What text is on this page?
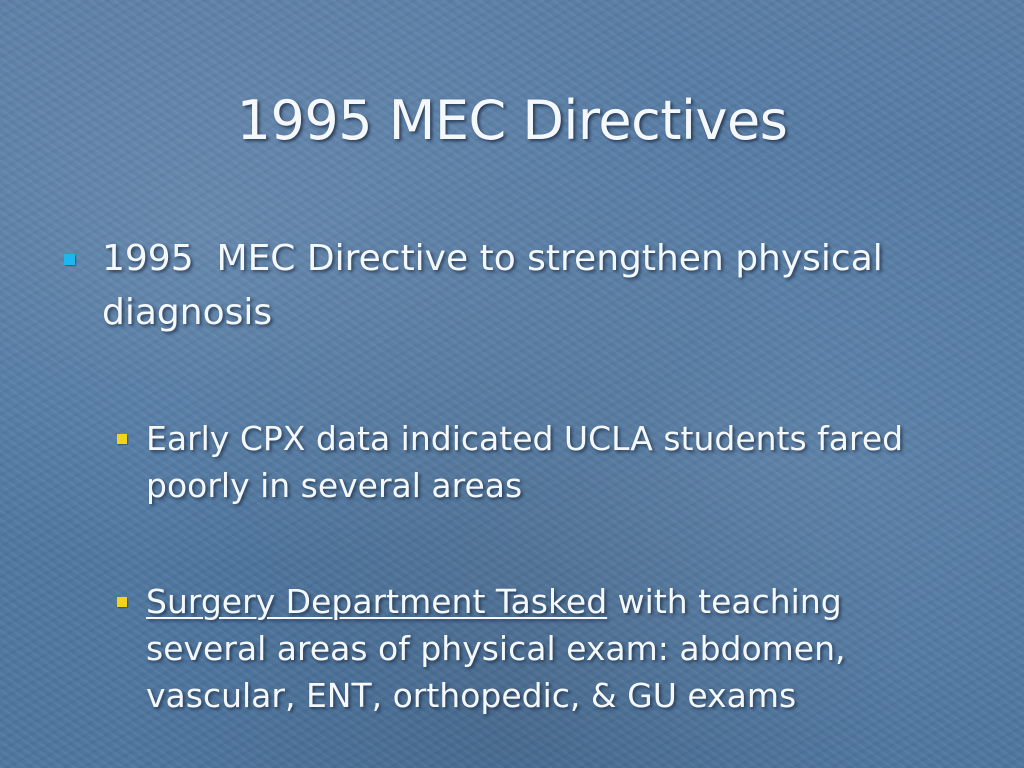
1995 MEC Directives
1995  MEC Directive to strengthen physical diagnosis
Early CPX data indicated UCLA students fared poorly in several areas
Surgery Department Tasked with teaching several areas of physical exam: abdomen, vascular, ENT, orthopedic, & GU exams
